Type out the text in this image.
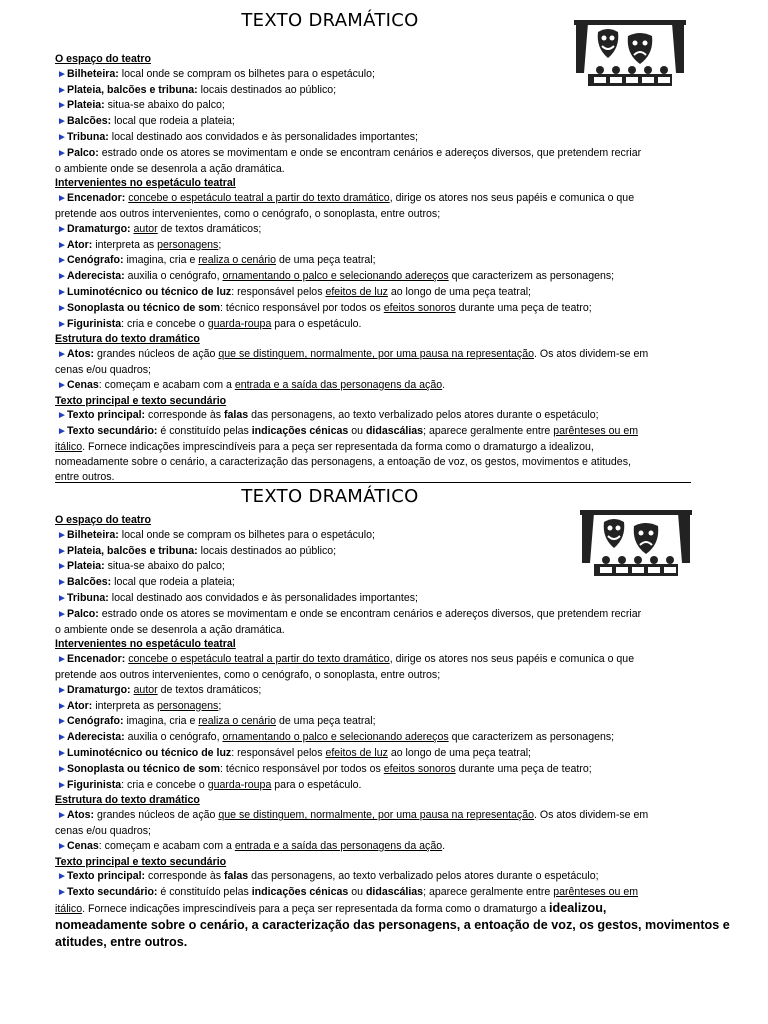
TEXTO DRAMÁTICO
O espaço do teatro
►Bilheteira: local onde se compram os bilhetes para o espetáculo;
►Plateia, balcões e tribuna: locais destinados ao público;
►Plateia: situa-se abaixo do palco;
►Balcões: local que rodeia a plateia;
►Tribuna: local destinado aos convidados e às personalidades importantes;
►Palco: estrado onde os atores se movimentam e onde se encontram cenários e adereços diversos, que pretendem recriar
o ambiente onde se desenrola a ação dramática.
Intervenientes no espetáculo teatral
►Encenador: concebe o espetáculo teatral a partir do texto dramático, dirige os atores nos seus papéis e comunica o que
pretende aos outros intervenientes, como o cenógrafo, o sonoplasta, entre outros;
►Dramaturgo: autor de textos dramáticos;
►Ator: interpreta as personagens;
►Cenógrafo: imagina, cria e realiza o cenário de uma peça teatral;
►Aderecista: auxilia o cenógrafo, ornamentando o palco e selecionando adereços que caracterizem as personagens;
►Luminotécnico ou técnico de luz: responsável pelos efeitos de luz ao longo de uma peça teatral;
►Sonoplasta ou técnico de som: técnico responsável por todos os efeitos sonoros durante uma peça de teatro;
►Figurinista: cria e concebe o guarda-roupa para o espetáculo.
Estrutura do texto dramático
►Atos: grandes núcleos de ação que se distinguem, normalmente, por uma pausa na representação. Os atos dividem-se em
cenas e/ou quadros;
►Cenas: começam e acabam com a entrada e a saída das personagens da ação.
Texto principal e texto secundário
►Texto principal: corresponde às falas das personagens, ao texto verbalizado pelos atores durante o espetáculo;
►Texto secundário: é constituído pelas indicações cénicas ou didascálias; aparece geralmente entre parênteses ou em
itálico. Fornece indicações imprescindíveis para a peça ser representada da forma como o dramaturgo a idealizou,
nomeadamente sobre o cenário, a caracterização das personagens, a entoação de voz, os gestos, movimentos e atitudes,
entre outros.
TEXTO DRAMÁTICO
O espaço do teatro
►Bilheteira: local onde se compram os bilhetes para o espetáculo;
►Plateia, balcões e tribuna: locais destinados ao público;
►Plateia: situa-se abaixo do palco;
►Balcões: local que rodeia a plateia;
►Tribuna: local destinado aos convidados e às personalidades importantes;
►Palco: estrado onde os atores se movimentam e onde se encontram cenários e adereços diversos, que pretendem recriar
o ambiente onde se desenrola a ação dramática.
Intervenientes no espetáculo teatral
►Encenador: concebe o espetáculo teatral a partir do texto dramático, dirige os atores nos seus papéis e comunica o que
pretende aos outros intervenientes, como o cenógrafo, o sonoplasta, entre outros;
►Dramaturgo: autor de textos dramáticos;
►Ator: interpreta as personagens;
►Cenógrafo: imagina, cria e realiza o cenário de uma peça teatral;
►Aderecista: auxilia o cenógrafo, ornamentando o palco e selecionando adereços que caracterizem as personagens;
►Luminotécnico ou técnico de luz: responsável pelos efeitos de luz ao longo de uma peça teatral;
►Sonoplasta ou técnico de som: técnico responsável por todos os efeitos sonoros durante uma peça de teatro;
►Figurinista: cria e concebe o guarda-roupa para o espetáculo.
Estrutura do texto dramático
►Atos: grandes núcleos de ação que se distinguem, normalmente, por uma pausa na representação. Os atos dividem-se em
cenas e/ou quadros;
►Cenas: começam e acabam com a entrada e a saída das personagens da ação.
Texto principal e texto secundário
►Texto principal: corresponde às falas das personagens, ao texto verbalizado pelos atores durante o espetáculo;
►Texto secundário: é constituído pelas indicações cénicas ou didascálias; aparece geralmente entre parênteses ou em
itálico. Fornece indicações imprescindíveis para a peça ser representada da forma como o dramaturgo a idealizou,
nomeadamente sobre o cenário, a caracterização das personagens, a entoação de voz, os gestos, movimentos e
atitudes, entre outros.
